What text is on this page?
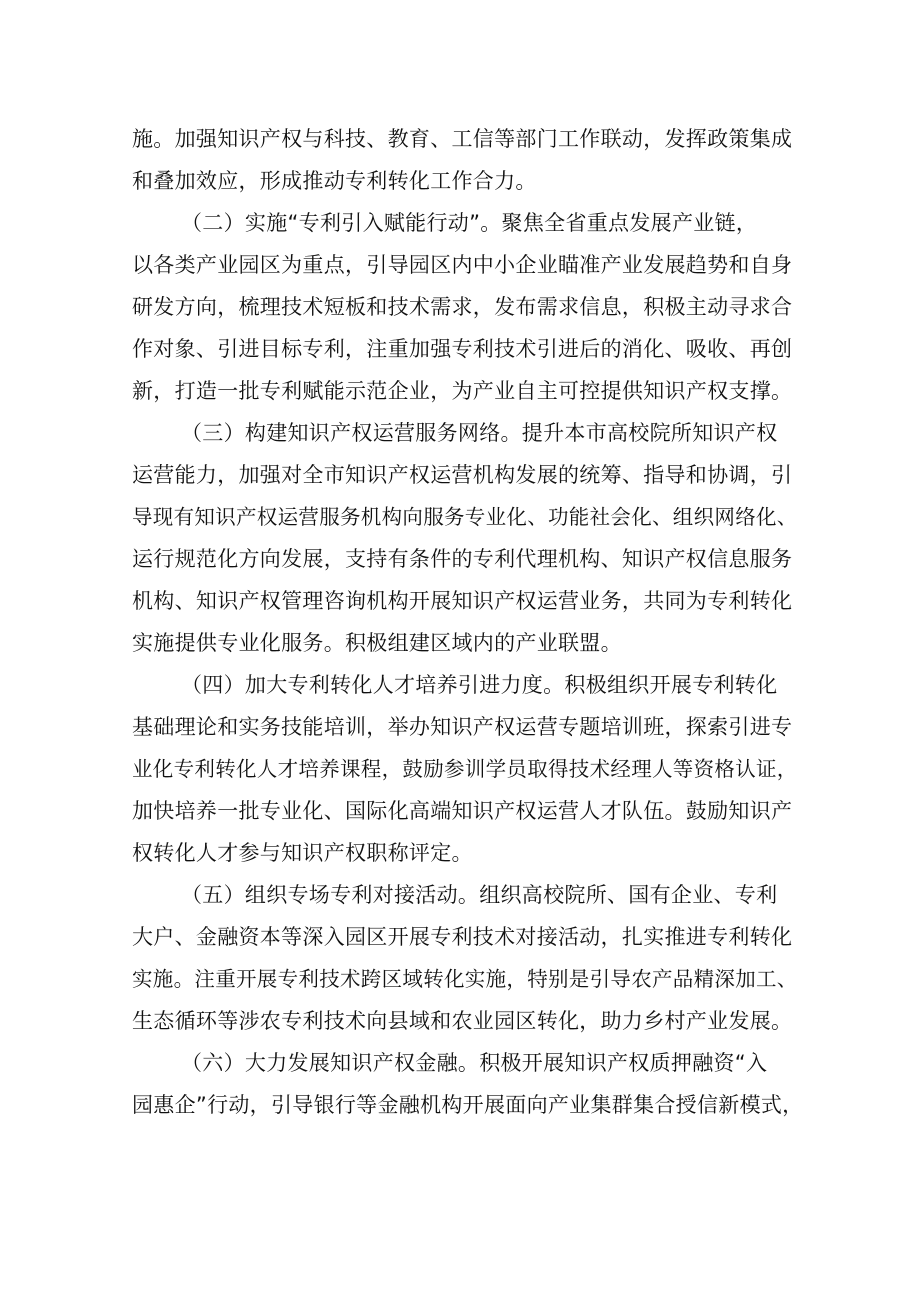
施。加强知识产权与科技、教育、工信等部门工作联动，发挥政策集成
和叠加效应，形成推动专利转化工作合力。
（二）实施“专利引入赋能行动”。聚焦全省重点发展产业链，
以各类产业园区为重点，引导园区内中小企业瞄准产业发展趋势和自身
研发方向，梳理技术短板和技术需求，发布需求信息，积极主动寻求合
作对象、引进目标专利，注重加强专利技术引进后的消化、吸收、再创
新，打造一批专利赋能示范企业，为产业自主可控提供知识产权支撑。
（三）构建知识产权运营服务网络。提升本市高校院所知识产权
运营能力，加强对全市知识产权运营机构发展的统筹、指导和协调，引
导现有知识产权运营服务机构向服务专业化、功能社会化、组织网络化、
运行规范化方向发展，支持有条件的专利代理机构、知识产权信息服务
机构、知识产权管理咨询机构开展知识产权运营业务，共同为专利转化
实施提供专业化服务。积极组建区域内的产业联盟。
（四）加大专利转化人才培养引进力度。积极组织开展专利转化
基础理论和实务技能培训，举办知识产权运营专题培训班，探索引进专
业化专利转化人才培养课程，鼓励参训学员取得技术经理人等资格认证，
加快培养一批专业化、国际化高端知识产权运营人才队伍。鼓励知识产
权转化人才参与知识产权职称评定。
（五）组织专场专利对接活动。组织高校院所、国有企业、专利
大户、金融资本等深入园区开展专利技术对接活动，扎实推进专利转化
实施。注重开展专利技术跨区域转化实施，特别是引导农产品精深加工、
生态循环等涉农专利技术向县域和农业园区转化，助力乡村产业发展。
（六）大力发展知识产权金融。积极开展知识产权质押融资“入
园惠企”行动，引导银行等金融机构开展面向产业集群集合授信新模式，
